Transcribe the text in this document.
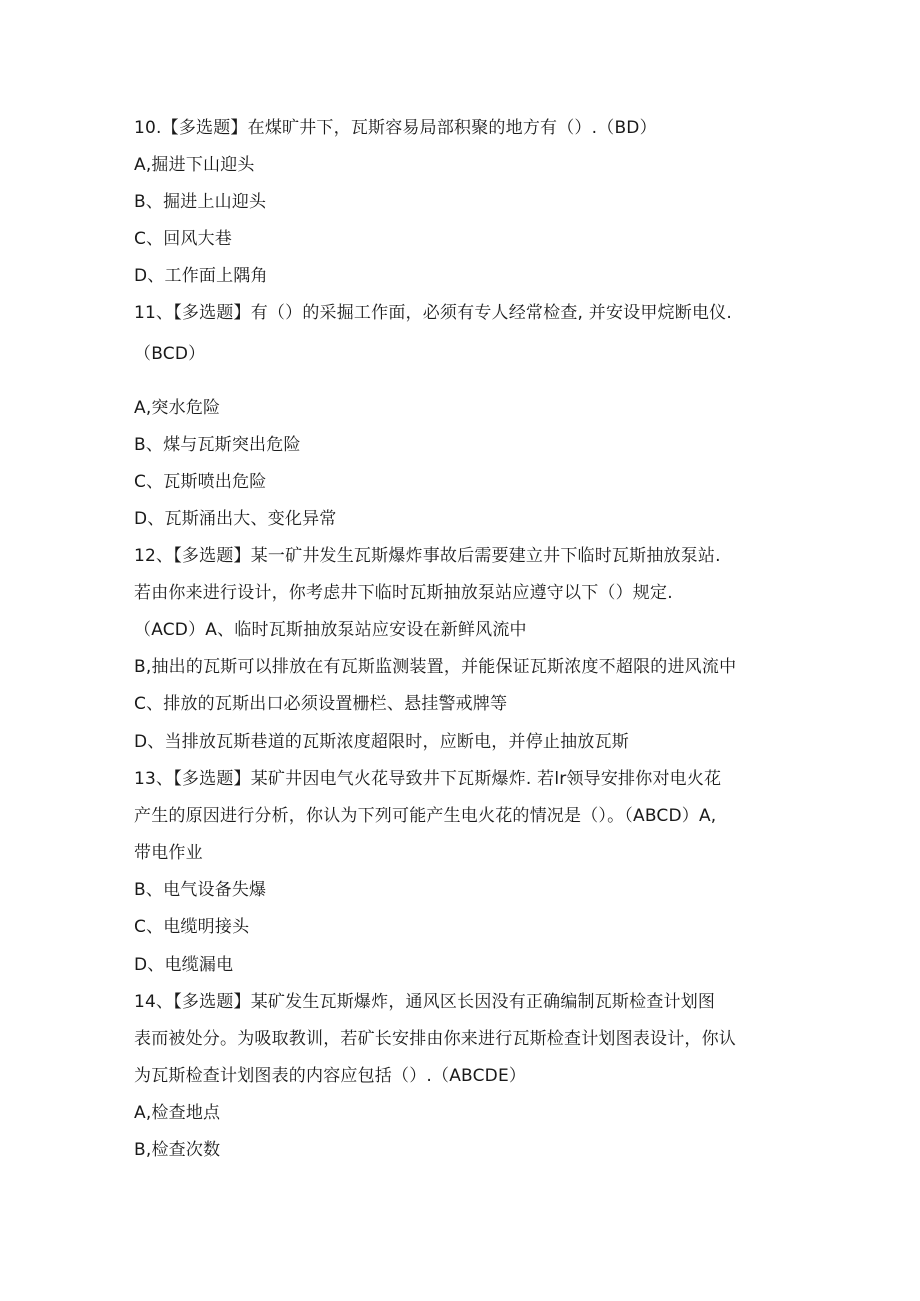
10.【多选题】在煤旷井下，瓦斯容易局部积聚的地方有（）.（BD）
A,掘进下山迎头
B、掘进上山迎头
C、回风大巷
D、工作面上隅角
11、【多选题】有（）的采掘工作面，必须有专人经常检查, 并安设甲烷断电仪.
（BCD）
A,突水危险
B、煤与瓦斯突出危险
C、瓦斯喷出危险
D、瓦斯涌出大、变化异常
12、【多选题】某一矿井发生瓦斯爆炸事故后需要建立井下临时瓦斯抽放泵站.
若由你来进行设计，你考虑井下临时瓦斯抽放泵站应遵守以下（）规定.
（ACD）A、临时瓦斯抽放泵站应安设在新鲜风流中
B,抽出的瓦斯可以排放在有瓦斯监测装置，并能保证瓦斯浓度不超限的进风流中
C、排放的瓦斯出口必须设置栅栏、悬挂警戒牌等
D、当排放瓦斯巷道的瓦斯浓度超限时，应断电，并停止抽放瓦斯
13、【多选题】某矿井因电气火花导致井下瓦斯爆炸. 若lr领导安排你对电火花
产生的原因进行分析，你认为下列可能产生电火花的情况是（）。（ABCD）A,
带电作业
B、电气设备失爆
C、电缆明接头
D、电缆漏电
14、【多选题】某矿发生瓦斯爆炸，通风区长因没有正确编制瓦斯检查计划图
表而被处分。为吸取教训，若矿长安排由你来进行瓦斯检查计划图表设计，你认
为瓦斯检查计划图表的内容应包括（）.（ABCDE）
A,检查地点
B,检查次数
